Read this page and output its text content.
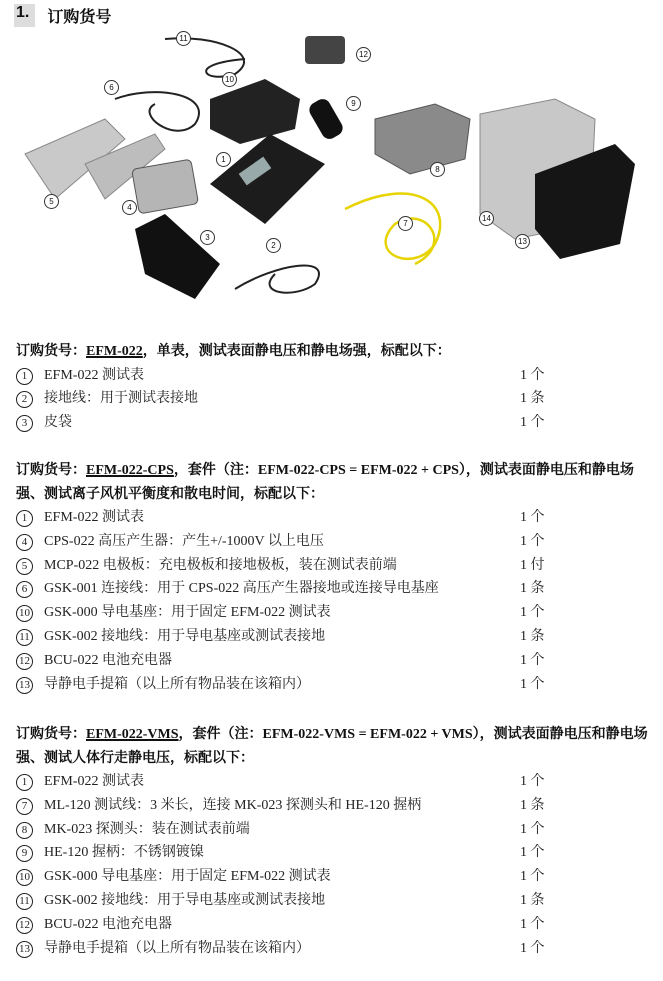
1.	订购货号
11
12
10
6
9
1
8
5
4
7
14
3
2	13
订购货号：EFM-022，单表，测试表面静电压和静电场强，标配以下：
1	EFM-022 测试表	1 个
2	接地线：用于测试表接地	1 条
3	皮袋	1 个
订购货号：EFM-022-CPS，套件（注：EFM-022-CPS = EFM-022 + CPS），测试表面静电压和静电场强、测试离子风机平衡度和散电时间，标配以下：
1	EFM-022 测试表	1 个
4	CPS-022 高压产生器：产生+/-1000V 以上电压	1 个
5	MCP-022 电极板：充电极板和接地极板，装在测试表前端	1 付
6	GSK-001 连接线：用于 CPS-022 高压产生器接地或连接导电基座	1 条
10 GSK-000 导电基座：用于固定 EFM-022 测试表	1 个
11 GSK-002 接地线：用于导电基座或测试表接地	1 条
12 BCU-022 电池充电器	1 个
13 导静电手提箱（以上所有物品装在该箱内）	1 个
订购货号：EFM-022-VMS，套件（注：EFM-022-VMS = EFM-022 + VMS），测试表面静电压和静电场强、测试人体行走静电压，标配以下：
1	EFM-022 测试表	1 个
7	ML-120 测试线：3 米长，连接 MK-023 探测头和 HE-120 握柄	1 条
8	MK-023 探测头：装在测试表前端	1 个
9	HE-120 握柄：不锈钢镀镍	1 个
10 GSK-000 导电基座：用于固定 EFM-022 测试表	1 个
11 GSK-002 接地线：用于导电基座或测试表接地	1 条
12 BCU-022 电池充电器	1 个
13 导静电手提箱（以上所有物品装在该箱内）	1 个
